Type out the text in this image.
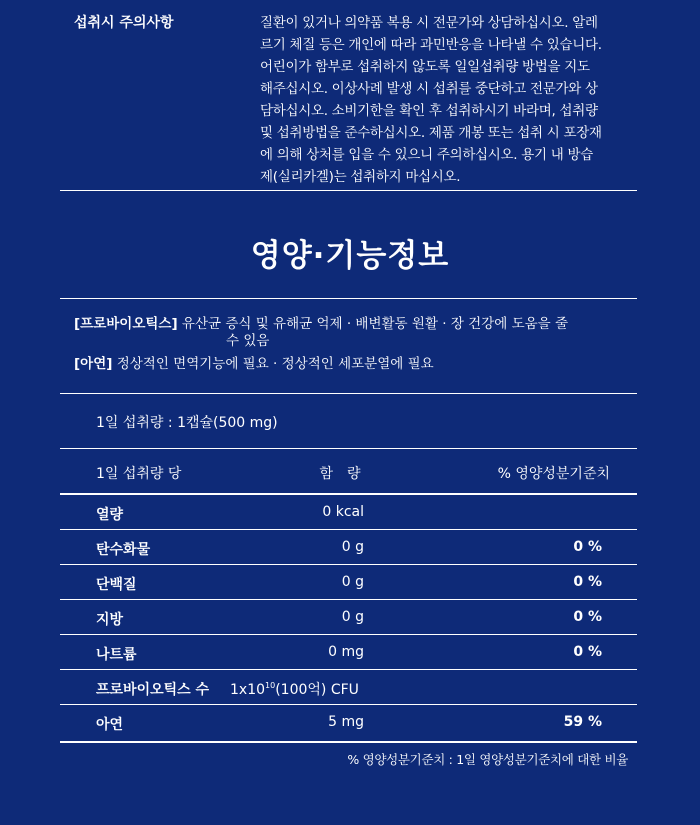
섭취시 주의사항	질환이 있거나 의약품 복용 시 전문가와 상담하십시오. 알레
르기 체질 등은 개인에 따라 과민반응을 나타낼 수 있습니다.
어린이가 함부로 섭취하지 않도록 일일섭취량 방법을 지도
해주십시오. 이상사례 발생 시 섭취를 중단하고 전문가와 상
담하십시오. 소비기한을 확인 후 섭취하시기 바라며, 섭취량
및 섭취방법을 준수하십시오. 제품 개봉 또는 섭취 시 포장재
에 의해 상처를 입을 수 있으니 주의하십시오. 용기 내 방습
제(실리카겔)는 섭취하지 마십시오.
영양·기능정보
[프로바이오틱스] 유산균 증식 및 유해균 억제 · 배변활동 원활 · 장 건강에 도움을 줄
수 있음
[아연] 정상적인 면역기능에 필요 · 정상적인 세포분열에 필요
1일 섭취량 : 1캡슐(500 mg)
1일 섭취량 당	함　량	% 영양성분기준치
열량	0 kcal
탄수화물	0 g	0 %
단백질	0 g	0 %
지방	0 g	0 %
나트륨	0 mg	0 %
프로바이오틱스 수 $1x10^{10}(100$억) CFU
아연	5 mg	59 %
% 영양성분기준치 : 1일 영양성분기준치에 대한 비율
